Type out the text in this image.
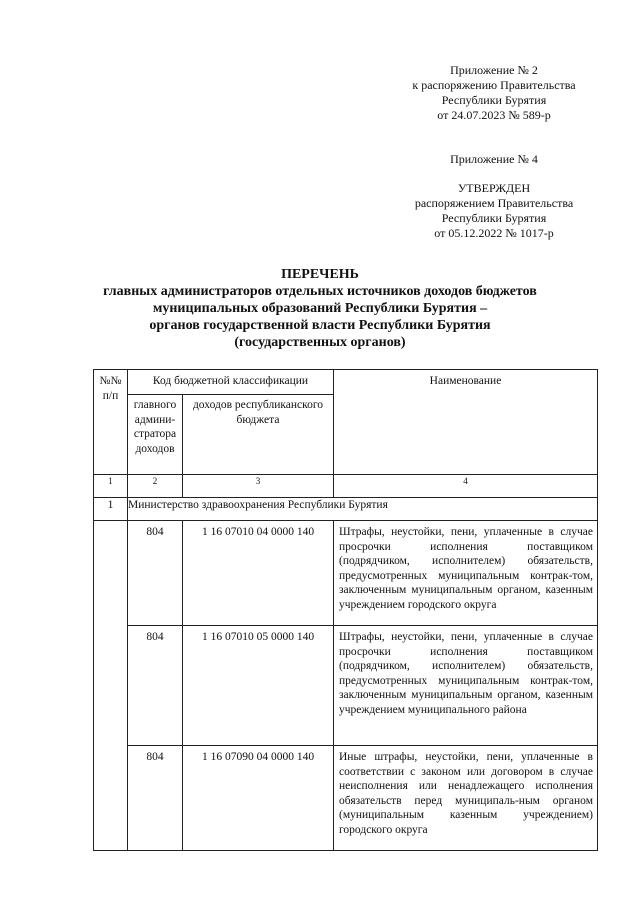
Приложение № 2
к распоряжению Правительства
Республики Бурятия
от 24.07.2023 № 589-р
Приложение № 4
УТВЕРЖДЕН
распоряжением Правительства
Республики Бурятия
от 05.12.2022 № 1017-р
ПЕРЕЧЕНЬ
главных администраторов отдельных источников доходов бюджетов
муниципальных образований Республики Бурятия –
органов государственной власти Республики Бурятия
(государственных органов)
№№ п/п	Код бюджетной классификации		Наименование
	главного админи-стратора доходов	доходов республиканского бюджета	
1	2	3	4
1	Министерство здравоохранения Республики Бурятия		
	804	1 16 07010 04 0000 140	Штрафы, неустойки, пени, уплаченные в случае просрочки исполнения поставщиком (подрядчиком, исполнителем) обязательств, предусмотренных муниципальным контрак-том, заключенным муниципальным органом, казенным учреждением городского округа
	804	1 16 07010 05 0000 140	Штрафы, неустойки, пени, уплаченные в случае просрочки исполнения поставщиком (подрядчиком, исполнителем) обязательств, предусмотренных муниципальным контрак-том, заключенным муниципальным органом, казенным учреждением муниципального района
	804	1 16 07090 04 0000 140	Иные штрафы, неустойки, пени, уплаченные в соответствии с законом или договором в случае неисполнения или ненадлежащего исполнения обязательств перед муниципаль-ным органом (муниципальным казенным учреждением) городского округа
